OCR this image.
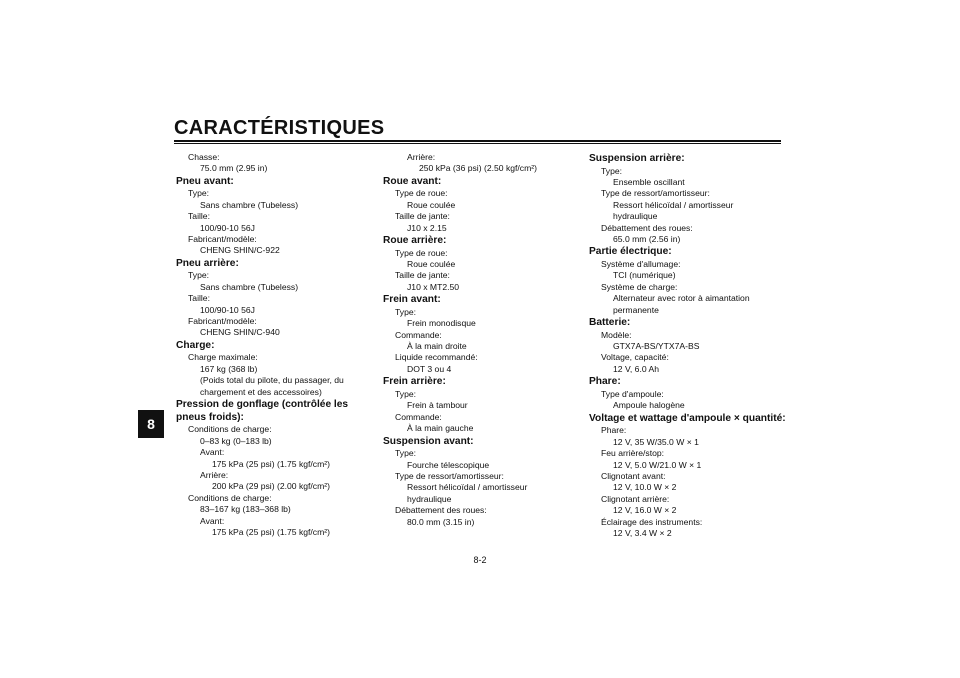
CARACTÉRISTIQUES
8
Chasse:
75.0 mm (2.95 in)
Pneu avant:
Type:
Sans chambre (Tubeless)
Taille:
100/90-10 56J
Fabricant/modèle:
CHENG SHIN/C-922
Pneu arrière:
Type:
Sans chambre (Tubeless)
Taille:
100/90-10 56J
Fabricant/modèle:
CHENG SHIN/C-940
Charge:
Charge maximale:
167 kg (368 lb)
(Poids total du pilote, du passager, du
chargement et des accessoires)
Pression de gonflage (contrôlée les pneus froids):
Conditions de charge:
0–83 kg (0–183 lb)
Avant:
175 kPa (25 psi) (1.75 kgf/cm²)
Arrière:
200 kPa (29 psi) (2.00 kgf/cm²)
Conditions de charge:
83–167 kg (183–368 lb)
Avant:
175 kPa (25 psi) (1.75 kgf/cm²)
Arrière:
250 kPa (36 psi) (2.50 kgf/cm²)
Roue avant:
Type de roue:
Roue coulée
Taille de jante:
J10 x 2.15
Roue arrière:
Type de roue:
Roue coulée
Taille de jante:
J10 x MT2.50
Frein avant:
Type:
Frein monodisque
Commande:
À la main droite
Liquide recommandé:
DOT 3 ou 4
Frein arrière:
Type:
Frein à tambour
Commande:
À la main gauche
Suspension avant:
Type:
Fourche télescopique
Type de ressort/amortisseur:
Ressort hélicoïdal / amortisseur
hydraulique
Débattement des roues:
80.0 mm (3.15 in)
Suspension arrière:
Type:
Ensemble oscillant
Type de ressort/amortisseur:
Ressort hélicoïdal / amortisseur
hydraulique
Débattement des roues:
65.0 mm (2.56 in)
Partie électrique:
Système d'allumage:
TCI (numérique)
Système de charge:
Alternateur avec rotor à aimantation
permanente
Batterie:
Modèle:
GTX7A-BS/YTX7A-BS
Voltage, capacité:
12 V, 6.0 Ah
Phare:
Type d'ampoule:
Ampoule halogène
Voltage et wattage d'ampoule × quantité:
Phare:
12 V, 35 W/35.0 W × 1
Feu arrière/stop:
12 V, 5.0 W/21.0 W × 1
Clignotant avant:
12 V, 10.0 W × 2
Clignotant arrière:
12 V, 16.0 W × 2
Éclairage des instruments:
12 V, 3.4 W × 2
8-2
